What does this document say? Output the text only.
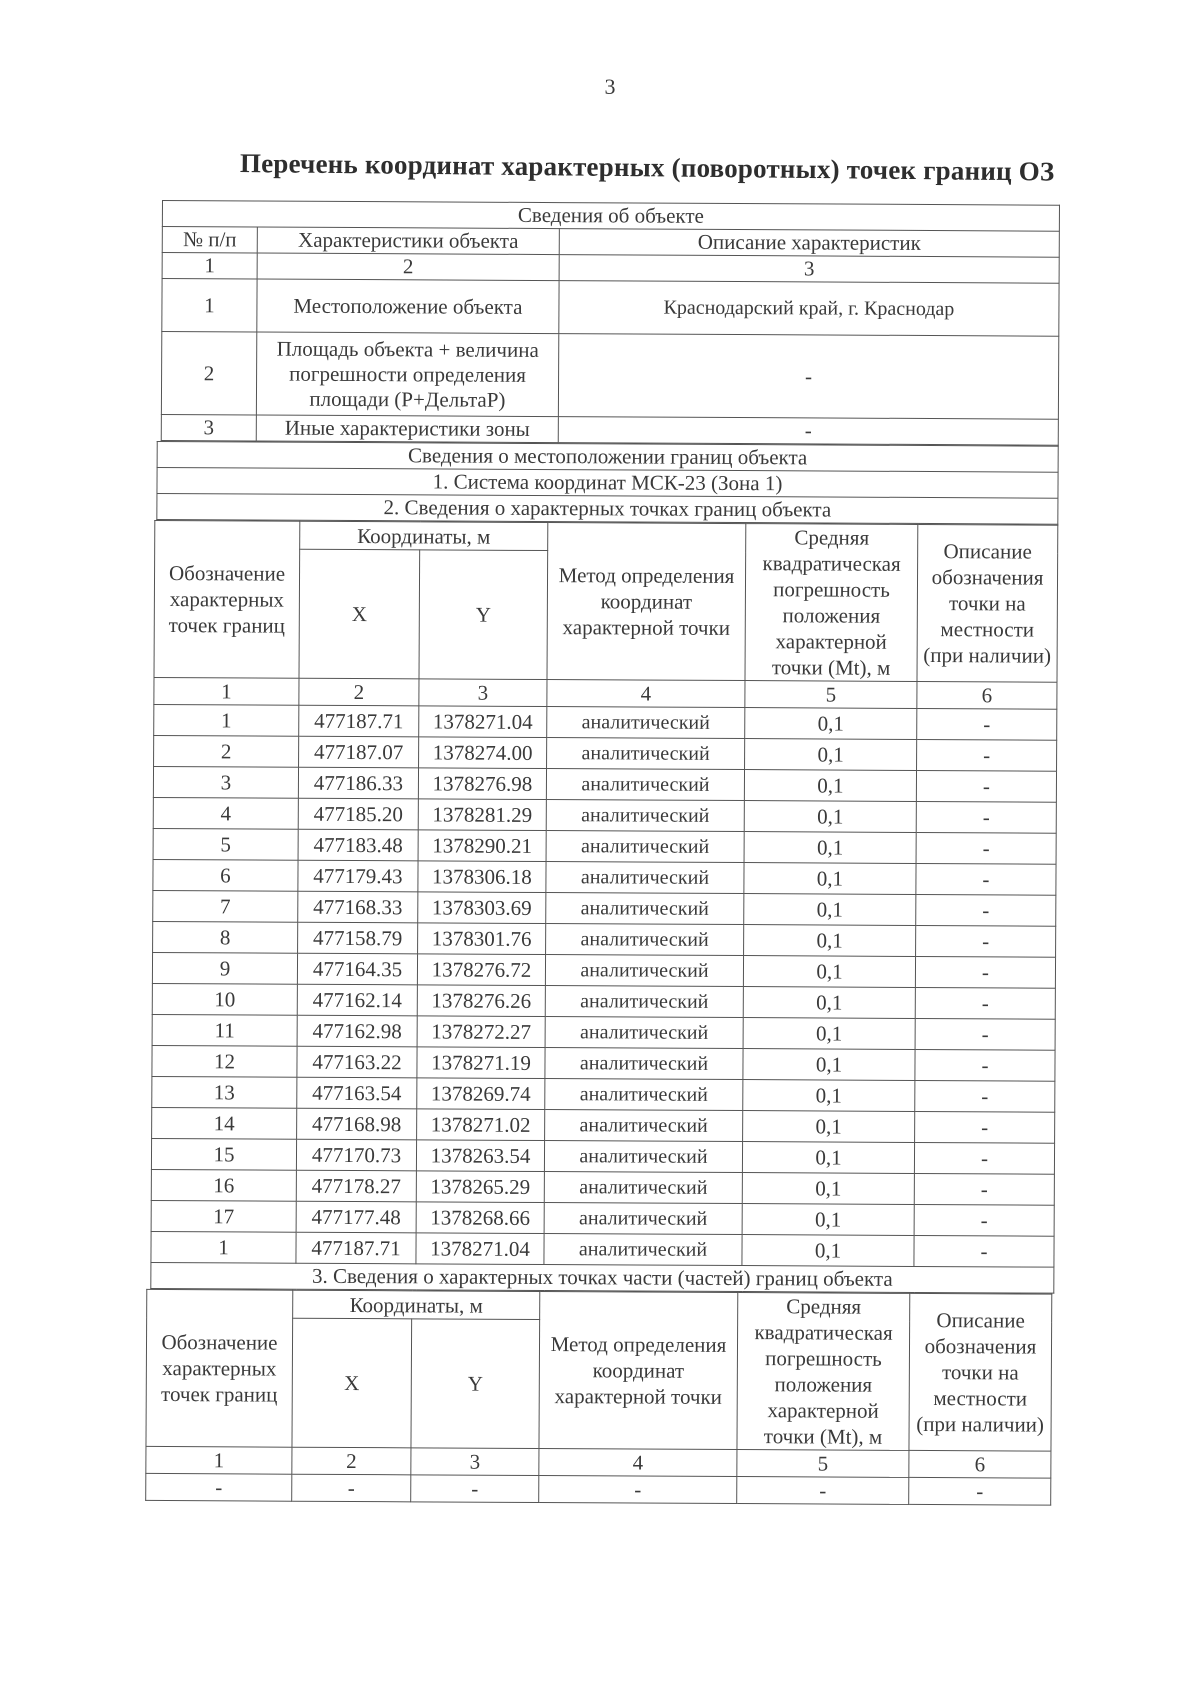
3
Перечень координат характерных (поворотных) точек границ ОЗ
Сведения об объекте		
№ п/п	Характеристики объекта	Описание характеристик
1	2	3
1	Местоположение объекта	Краснодарский край, г. Краснодар
2	Площадь объекта + величина погрешности определения площади (Р+ДельтаР)	-
3	Иные характеристики зоны	-
Сведения о местоположении границ объекта
1. Система координат МСК-23 (Зона 1)
2. Сведения о характерных точках границ объекта
Обозначение характерных точек границ	Координаты, м		Метод определения координат характерной точки	Средняя квадратическая погрешность положения характерной точки (Mt), м	Описание обозначения точки на местности (при наличии)
	X	Y			
1	2	3	4	5	6
1	477187.71	1378271.04	аналитический	0,1	-
2	477187.07	1378274.00	аналитический	0,1	-
3	477186.33	1378276.98	аналитический	0,1	-
4	477185.20	1378281.29	аналитический	0,1	-
5	477183.48	1378290.21	аналитический	0,1	-
6	477179.43	1378306.18	аналитический	0,1	-
7	477168.33	1378303.69	аналитический	0,1	-
8	477158.79	1378301.76	аналитический	0,1	-
9	477164.35	1378276.72	аналитический	0,1	-
10	477162.14	1378276.26	аналитический	0,1	-
11	477162.98	1378272.27	аналитический	0,1	-
12	477163.22	1378271.19	аналитический	0,1	-
13	477163.54	1378269.74	аналитический	0,1	-
14	477168.98	1378271.02	аналитический	0,1	-
15	477170.73	1378263.54	аналитический	0,1	-
16	477178.27	1378265.29	аналитический	0,1	-
17	477177.48	1378268.66	аналитический	0,1	-
1	477187.71	1378271.04	аналитический	0,1	-
3. Сведения о характерных точках части (частей) границ объекта					
Обозначение характерных точек границ	Координаты, м		Метод определения координат характерной точки	Средняя квадратическая погрешность положения характерной точки (Mt), м	Описание обозначения точки на местности (при наличии)
	X	Y			
1	2	3	4	5	6
-	-	-	-	-	-
